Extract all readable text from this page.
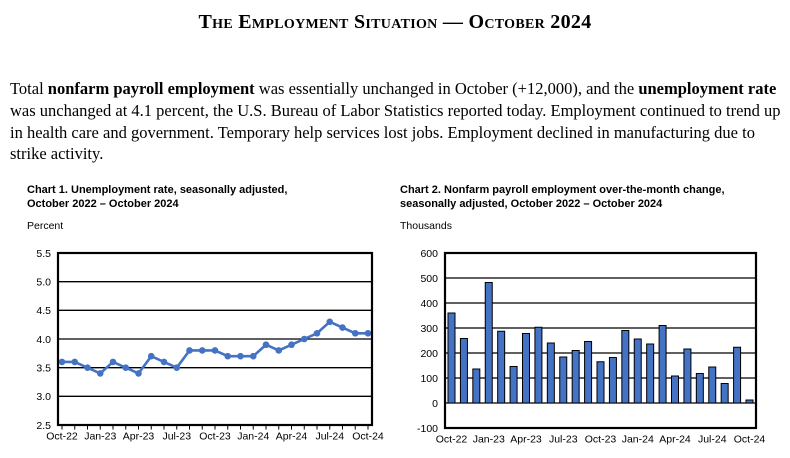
The Employment Situation — October 2024

Total nonfarm payroll employment was essentially unchanged in October (+12,000), and the unemployment rate was unchanged at 4.1 percent, the U.S. Bureau of Labor Statistics reported today. Employment continued to trend up in health care and government. Temporary help services lost jobs. Employment declined in manufacturing due to strike activity.

Chart 1. Unemployment rate, seasonally adjusted,
October 2022 – October 2024
Percent
5.5
5.0
4.5
4.0
3.5
3.0
2.5
Oct-22 Jan-23 Apr-23 Jul-23 Oct-23 Jan-24 Apr-24 Jul-24 Oct-24
Chart 2. Nonfarm payroll employment over-the-month change,
seasonally adjusted, October 2022 – October 2024
Thousands
600
500
400
300
200
100
0
-100
Oct-22 Jan-23 Apr-23 Jul-23 Oct-23 Jan-24 Apr-24 Jul-24 Oct-24
